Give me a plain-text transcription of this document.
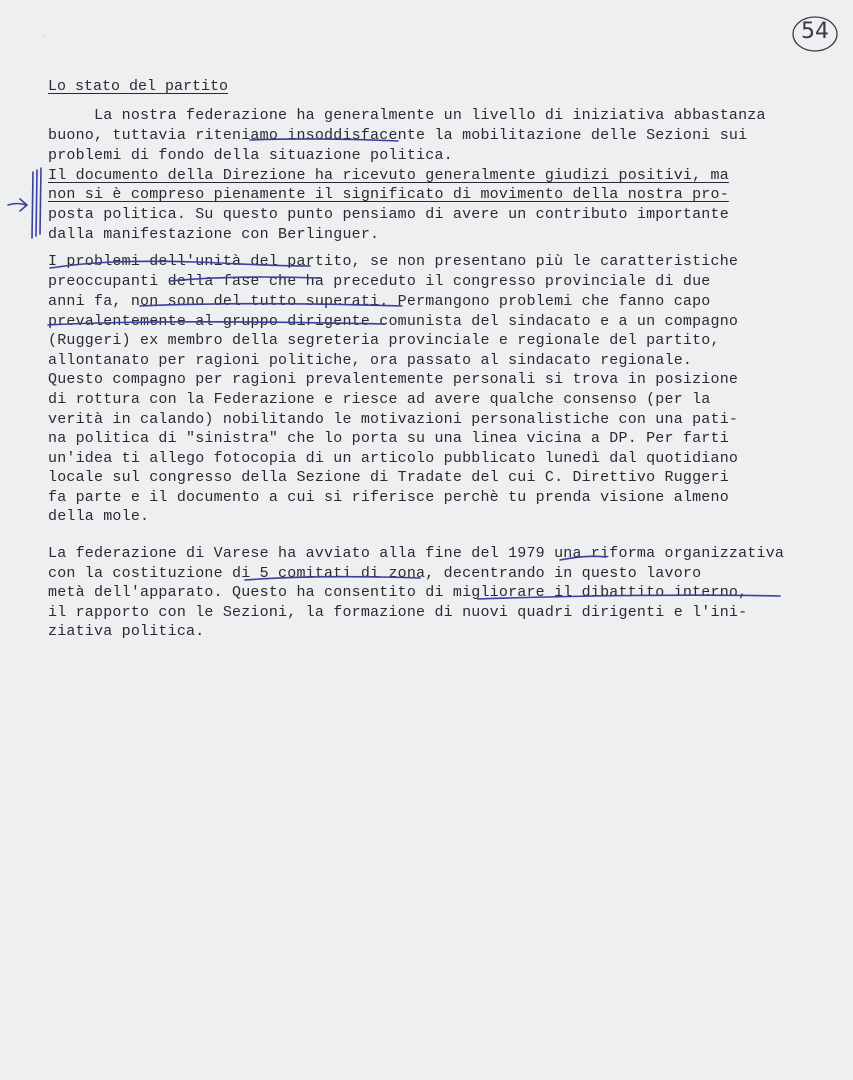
54
Lo stato del partito
La nostra federazione ha generalmente un livello di iniziativa abbastanza
buono, tuttavia riteniamo insoddisfacente la mobilitazione delle Sezioni sui
problemi di fondo della situazione politica.
Il documento della Direzione ha ricevuto generalmente giudizi positivi, ma
non si è compreso pienamente il significato di movimento della nostra pro-
posta politica. Su questo punto pensiamo di avere un contributo importante
dalla manifestazione con Berlinguer.
I problemi dell'unità del partito, se non presentano più le caratteristiche
preoccupanti della fase che ha preceduto il congresso provinciale di due
anni fa, non sono del tutto superati. Permangono problemi che fanno capo
prevalentemente al gruppo dirigente comunista del sindacato e a un compagno
(Ruggeri) ex membro della segreteria provinciale e regionale del partito,
allontanato per ragioni politiche, ora passato al sindacato regionale.
Questo compagno per ragioni prevalentemente personali si trova in posizione
di rottura con la Federazione e riesce ad avere qualche consenso (per la
verità in calando) nobilitando le motivazioni personalistiche con una pati-
na politica di "sinistra" che lo porta su una linea vicina a DP. Per farti
un'idea ti allego fotocopia di un articolo pubblicato lunedì dal quotidiano
locale sul congresso della Sezione di Tradate del cui C. Direttivo Ruggeri
fa parte e il documento a cui si riferisce perchè tu prenda visione almeno
della mole.
La federazione di Varese ha avviato alla fine del 1979 una riforma organizzativa
con la costituzione di 5 comitati di zona, decentrando in questo lavoro
metà dell'apparato. Questo ha consentito di migliorare il dibattito interno,
il rapporto con le Sezioni, la formazione di nuovi quadri dirigenti e l'ini-
ziativa politica.
.
